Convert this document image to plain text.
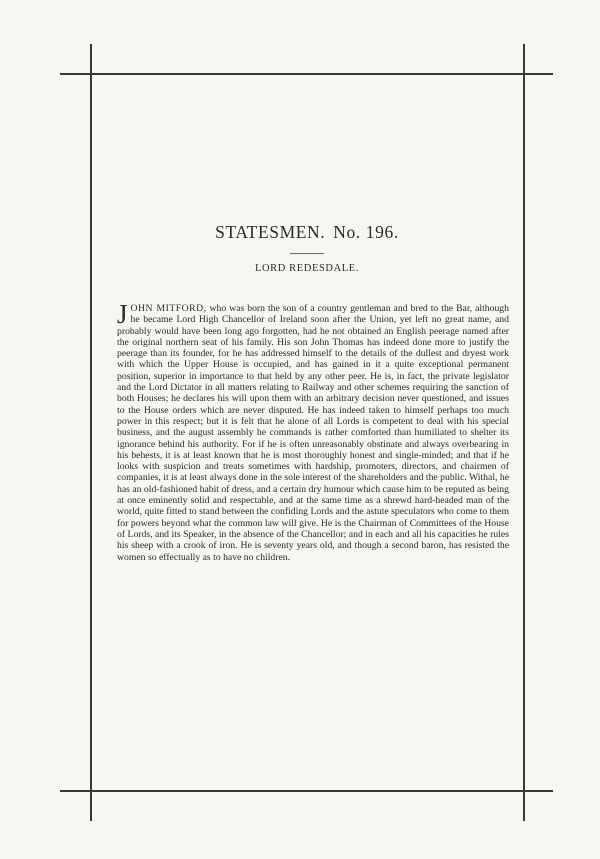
STATESMEN. No. 196.
LORD REDESDALE.
JOHN MITFORD, who was born the son of a country gentleman and bred to the Bar, although he became Lord High Chancellor of Ireland soon after the Union, yet left no great name, and probably would have been long ago forgotten, had he not obtained an English peerage named after the original northern seat of his family. His son John Thomas has indeed done more to justify the peerage than its founder, for he has addressed himself to the details of the dullest and dryest work with which the Upper House is occupied, and has gained in it a quite exceptional permanent position, superior in importance to that held by any other peer. He is, in fact, the private legislator and the Lord Dictator in all matters relating to Railway and other schemes requiring the sanction of both Houses; he declares his will upon them with an arbitrary decision never questioned, and issues to the House orders which are never disputed. He has indeed taken to himself perhaps too much power in this respect; but it is felt that he alone of all Lords is competent to deal with his special business, and the august assembly he commands is rather comforted than humiliated to shelter its ignorance behind his authority. For if he is often unreasonably obstinate and always overbearing in his behests, it is at least known that he is most thoroughly honest and single-minded; and that if he looks with suspicion and treats sometimes with hardship, promoters, directors, and chairmen of companies, it is at least always done in the sole interest of the shareholders and the public. Withal, he has an old-fashioned habit of dress, and a certain dry humour which cause him to be reputed as being at once eminently solid and respectable, and at the same time as a shrewd hard-headed man of the world, quite fitted to stand between the confiding Lords and the astute speculators who come to them for powers beyond what the common law will give. He is the Chairman of Committees of the House of Lords, and its Speaker, in the absence of the Chancellor; and in each and all his capacities he rules his sheep with a crook of iron. He is seventy years old, and though a second baron, has resisted the women so effectually as to have no children.
